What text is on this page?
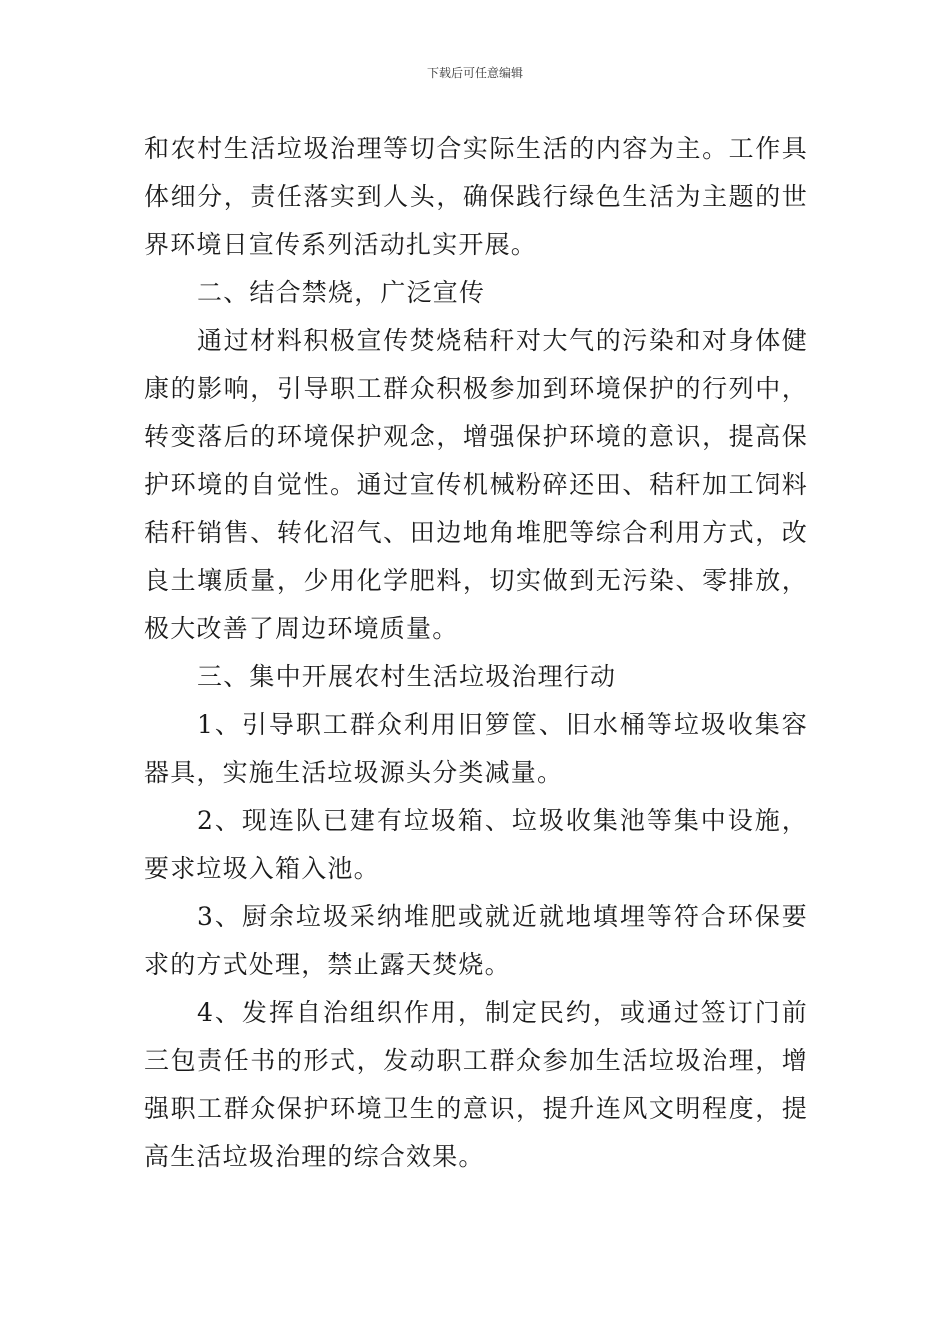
下载后可任意编辑

和农村生活垃圾治理等切合实际生活的内容为主。工作具体细分，责任落实到人头，确保践行绿色生活为主题的世界环境日宣传系列活动扎实开展。

二、结合禁烧，广泛宣传

通过材料积极宣传焚烧秸秆对大气的污染和对身体健康的影响，引导职工群众积极参加到环境保护的行列中，转变落后的环境保护观念，增强保护环境的意识，提高保护环境的自觉性。通过宣传机械粉碎还田、秸秆加工饲料秸秆销售、转化沼气、田边地角堆肥等综合利用方式，改良土壤质量，少用化学肥料，切实做到无污染、零排放，极大改善了周边环境质量。

三、集中开展农村生活垃圾治理行动

1、引导职工群众利用旧箩筐、旧水桶等垃圾收集容器具，实施生活垃圾源头分类减量。

2、现连队已建有垃圾箱、垃圾收集池等集中设施，要求垃圾入箱入池。

3、厨余垃圾采纳堆肥或就近就地填埋等符合环保要求的方式处理，禁止露天焚烧。

4、发挥自治组织作用，制定民约，或通过签订门前三包责任书的形式，发动职工群众参加生活垃圾治理，增强职工群众保护环境卫生的意识，提升连风文明程度，提高生活垃圾治理的综合效果。
